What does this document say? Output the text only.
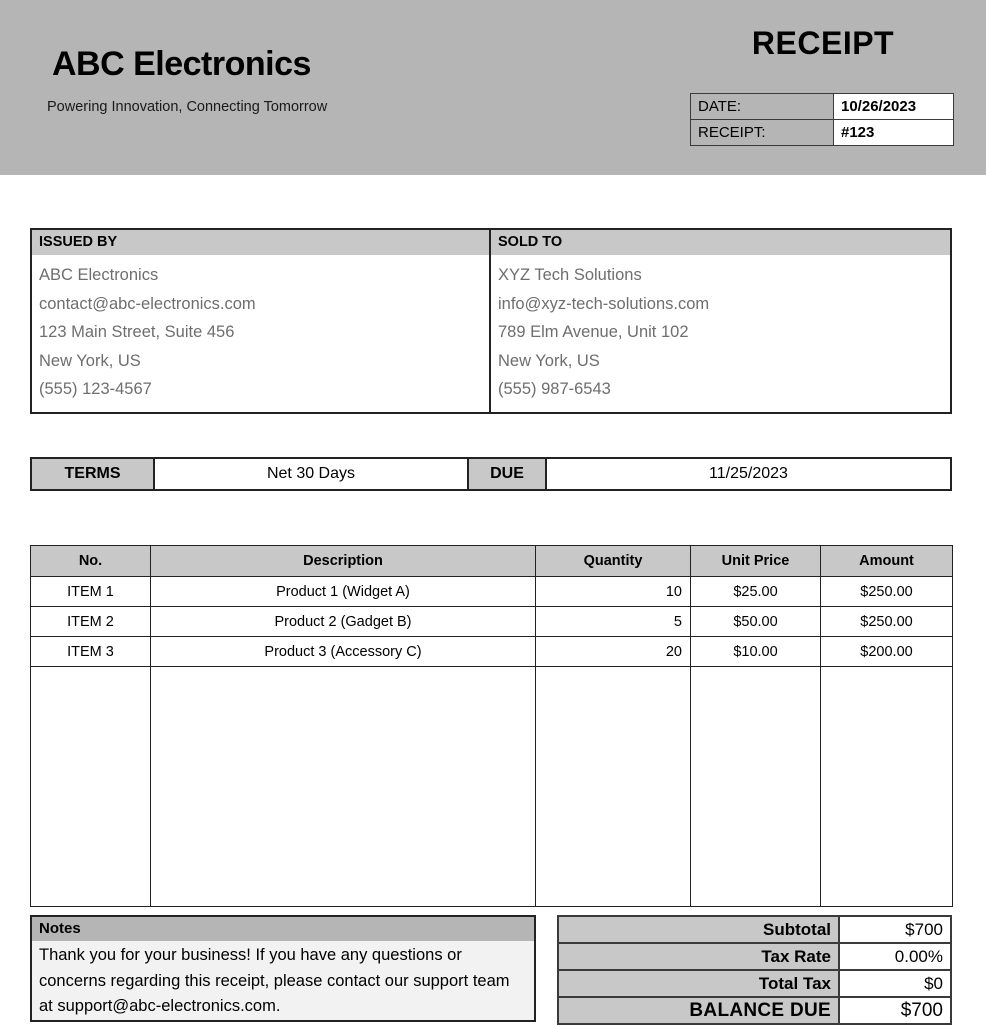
ABC Electronics
Powering Innovation, Connecting Tomorrow
RECEIPT
DATE:	10/26/2023
RECEIPT:	#123
ISSUED BY
ABC Electronics
contact@abc-electronics.com
123 Main Street, Suite 456
New York, US
(555) 123-4567
SOLD TO
XYZ Tech Solutions
info@xyz-tech-solutions.com
789 Elm Avenue, Unit 102
New York, US
(555) 987-6543
TERMS	Net 30 Days	DUE	11/25/2023
No.	Description	Quantity	Unit Price	Amount
ITEM 1	Product 1 (Widget A)	10	$25.00	$250.00
ITEM 2	Product 2 (Gadget B)	5	$50.00	$250.00
ITEM 3	Product 3 (Accessory C)	20	$10.00	$200.00

Notes
Thank you for your business! If you have any questions or concerns regarding this receipt, please contact our support team at support@abc-electronics.com.
Subtotal	$700
Tax Rate	0.00%
Total Tax	$0
BALANCE DUE	$700
